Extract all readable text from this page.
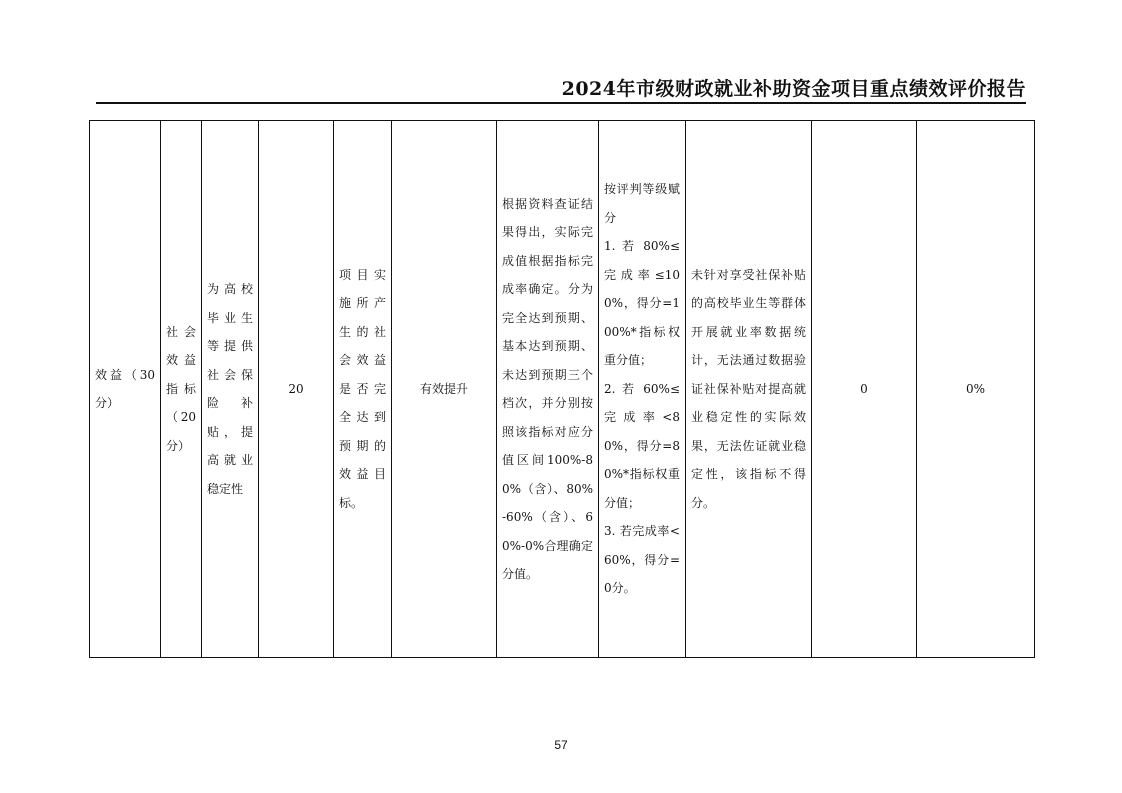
2024年市级财政就业补助资金项目重点绩效评价报告
效益（30分）	社会效益指标（20分）	为高校毕业生等提供社会保险补贴，提高就业稳定性	20	项目实施所产生的社会效益是否完全达到预期的效益目标。	有效提升	根据资料查证结果得出，实际完成值根据指标完成率确定。分为完全达到预期、基本达到预期、未达到预期三个档次，并分别按照该指标对应分值区间100%-80%（含）、80%-60%（含）、60%-0%合理确定分值。	按评判等级赋分
1. 若 80%≤完成率≤100%，得分=100%*指标权重分值；
2. 若 60%≤完成率<80%，得分=80%*指标权重分值；
3. 若完成率<60%，得分=0分。	未针对享受社保补贴的高校毕业生等群体开展就业率数据统计，无法通过数据验证社保补贴对提高就业稳定性的实际效果，无法佐证就业稳定性，该指标不得分。	0	0%
57
